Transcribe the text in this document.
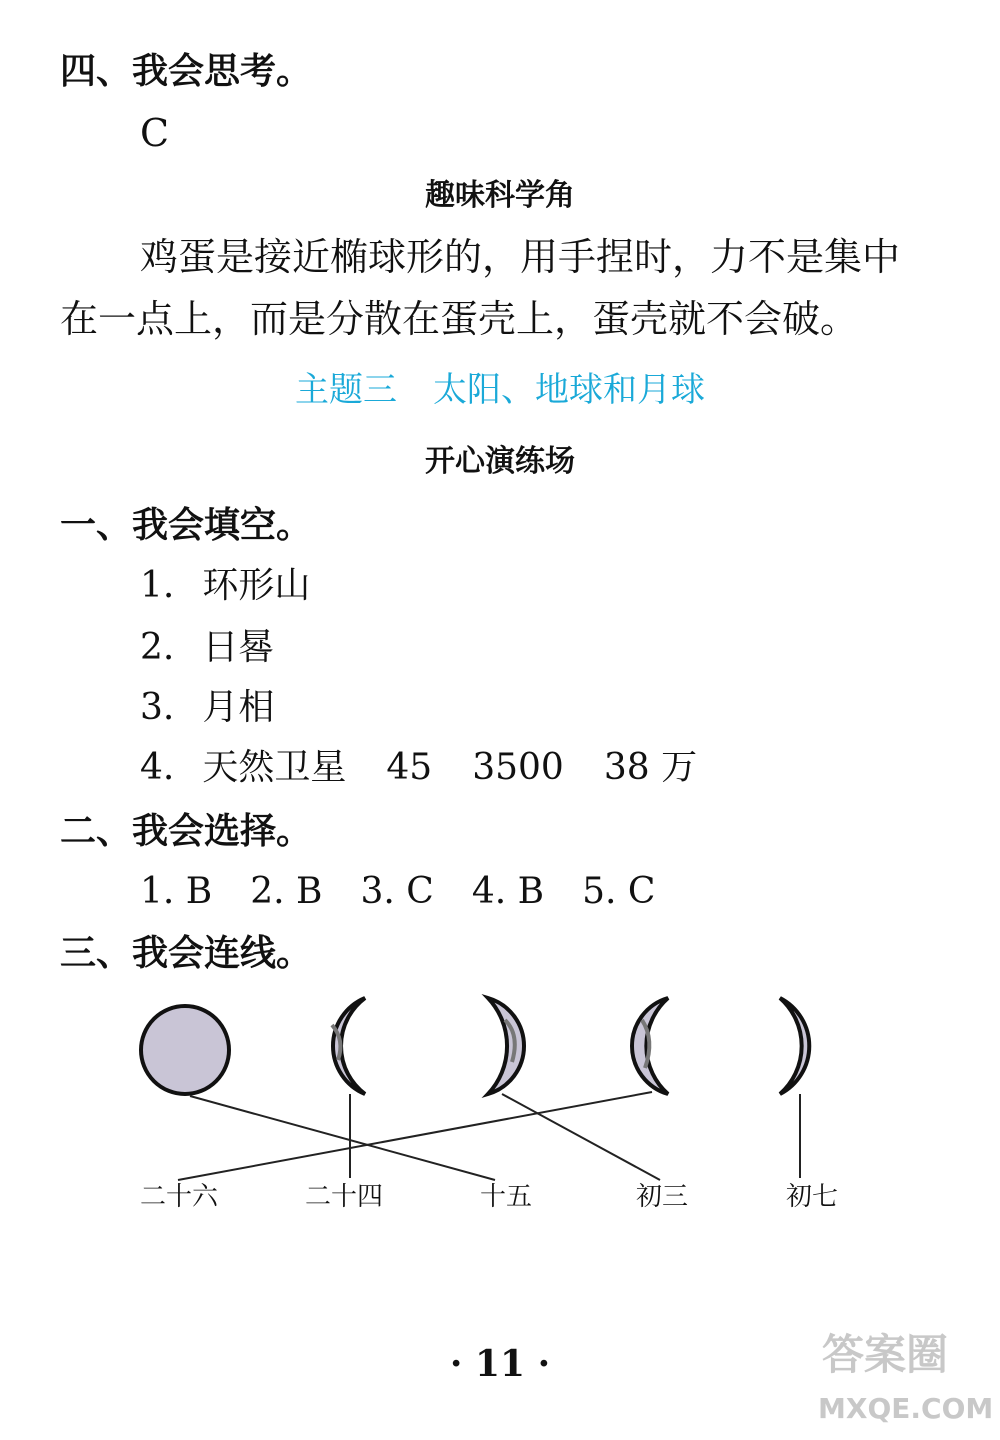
四、我会思考。
C
趣味科学角
鸡蛋是接近椭球形的，用手捏时，力不是集中
在一点上，而是分散在蛋壳上，蛋壳就不会破。
主题三 太阳、地球和月球
开心演练场
一、我会填空。
1. 环形山
2. 日晷
3. 月相
4. 天然卫星 45 3500 38 万
二、我会选择。
1. B 2. B 3. C 4. B 5. C
三、我会连线。
二十六	二十四	十五	初三	初七
· 11 ·	答案圈
MXQE.COM
